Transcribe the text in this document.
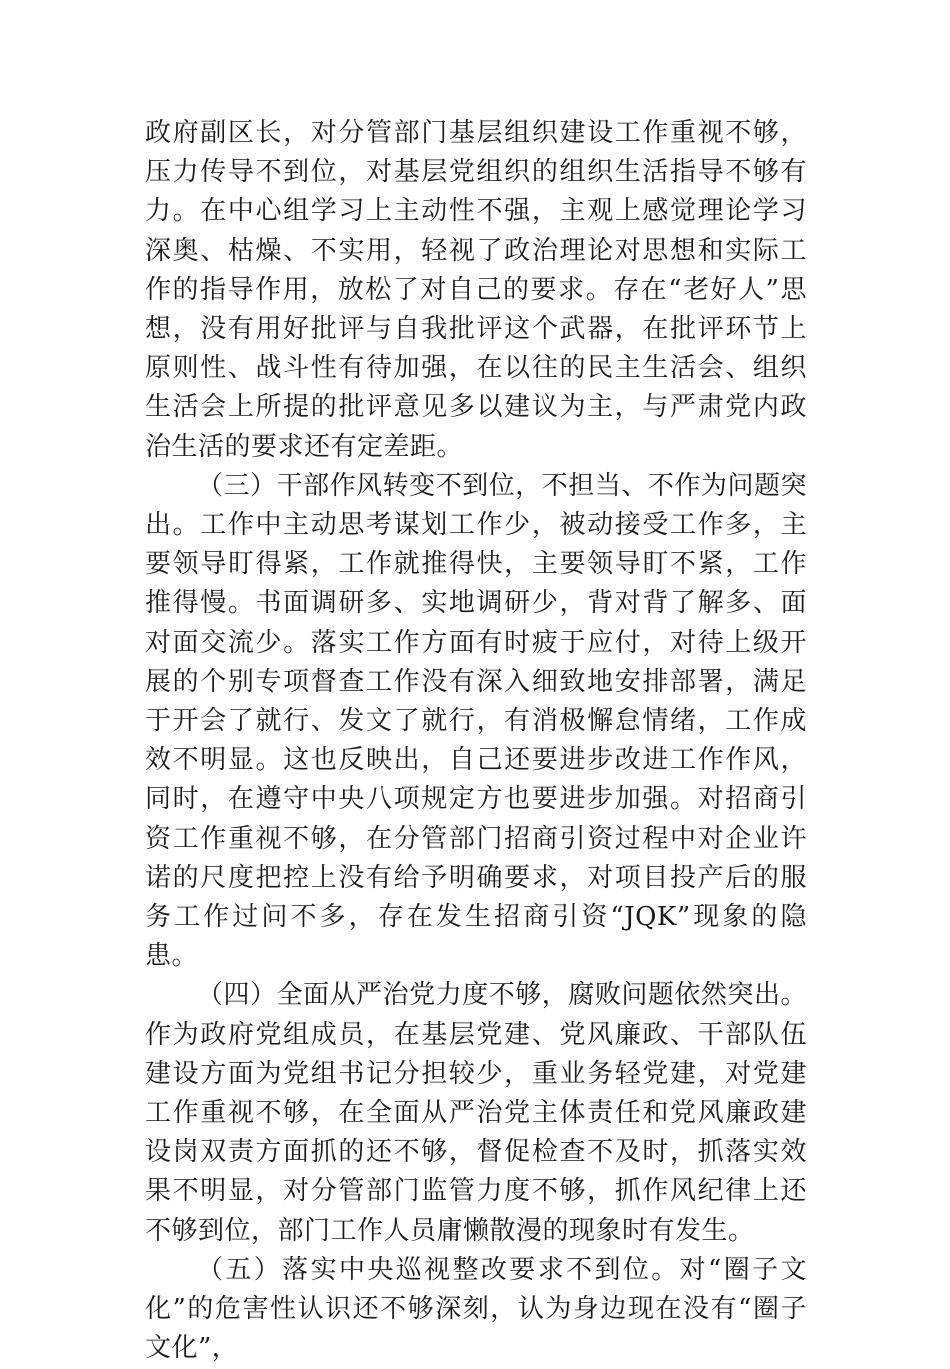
政府副区长，对分管部门基层组织建设工作重视不够，压力传导不到位，对基层党组织的组织生活指导不够有力。在中心组学习上主动性不强，主观上感觉理论学习深奥、枯燥、不实用，轻视了政治理论对思想和实际工作的指导作用，放松了对自己的要求。存在“老好人”思想，没有用好批评与自我批评这个武器，在批评环节上原则性、战斗性有待加强，在以往的民主生活会、组织生活会上所提的批评意见多以建议为主，与严肃党内政治生活的要求还有定差距。

（三）干部作风转变不到位，不担当、不作为问题突出。工作中主动思考谋划工作少，被动接受工作多，主要领导盯得紧，工作就推得快，主要领导盯不紧，工作推得慢。书面调研多、实地调研少，背对背了解多、面对面交流少。落实工作方面有时疲于应付，对待上级开展的个别专项督查工作没有深入细致地安排部署，满足于开会了就行、发文了就行，有消极懈怠情绪，工作成效不明显。这也反映出，自己还要进步改进工作作风，同时，在遵守中央八项规定方也要进步加强。对招商引资工作重视不够，在分管部门招商引资过程中对企业许诺的尺度把控上没有给予明确要求，对项目投产后的服务工作过问不多，存在发生招商引资“JQK”现象的隐患。

（四）全面从严治党力度不够，腐败问题依然突出。作为政府党组成员，在基层党建、党风廉政、干部队伍建设方面为党组书记分担较少，重业务轻党建，对党建工作重视不够，在全面从严治党主体责任和党风廉政建设岗双责方面抓的还不够，督促检查不及时，抓落实效果不明显，对分管部门监管力度不够，抓作风纪律上还不够到位，部门工作人员庸懒散漫的现象时有发生。

（五）落实中央巡视整改要求不到位。对“圈子文化”的危害性认识还不够深刻，认为身边现在没有“圈子文化”，
